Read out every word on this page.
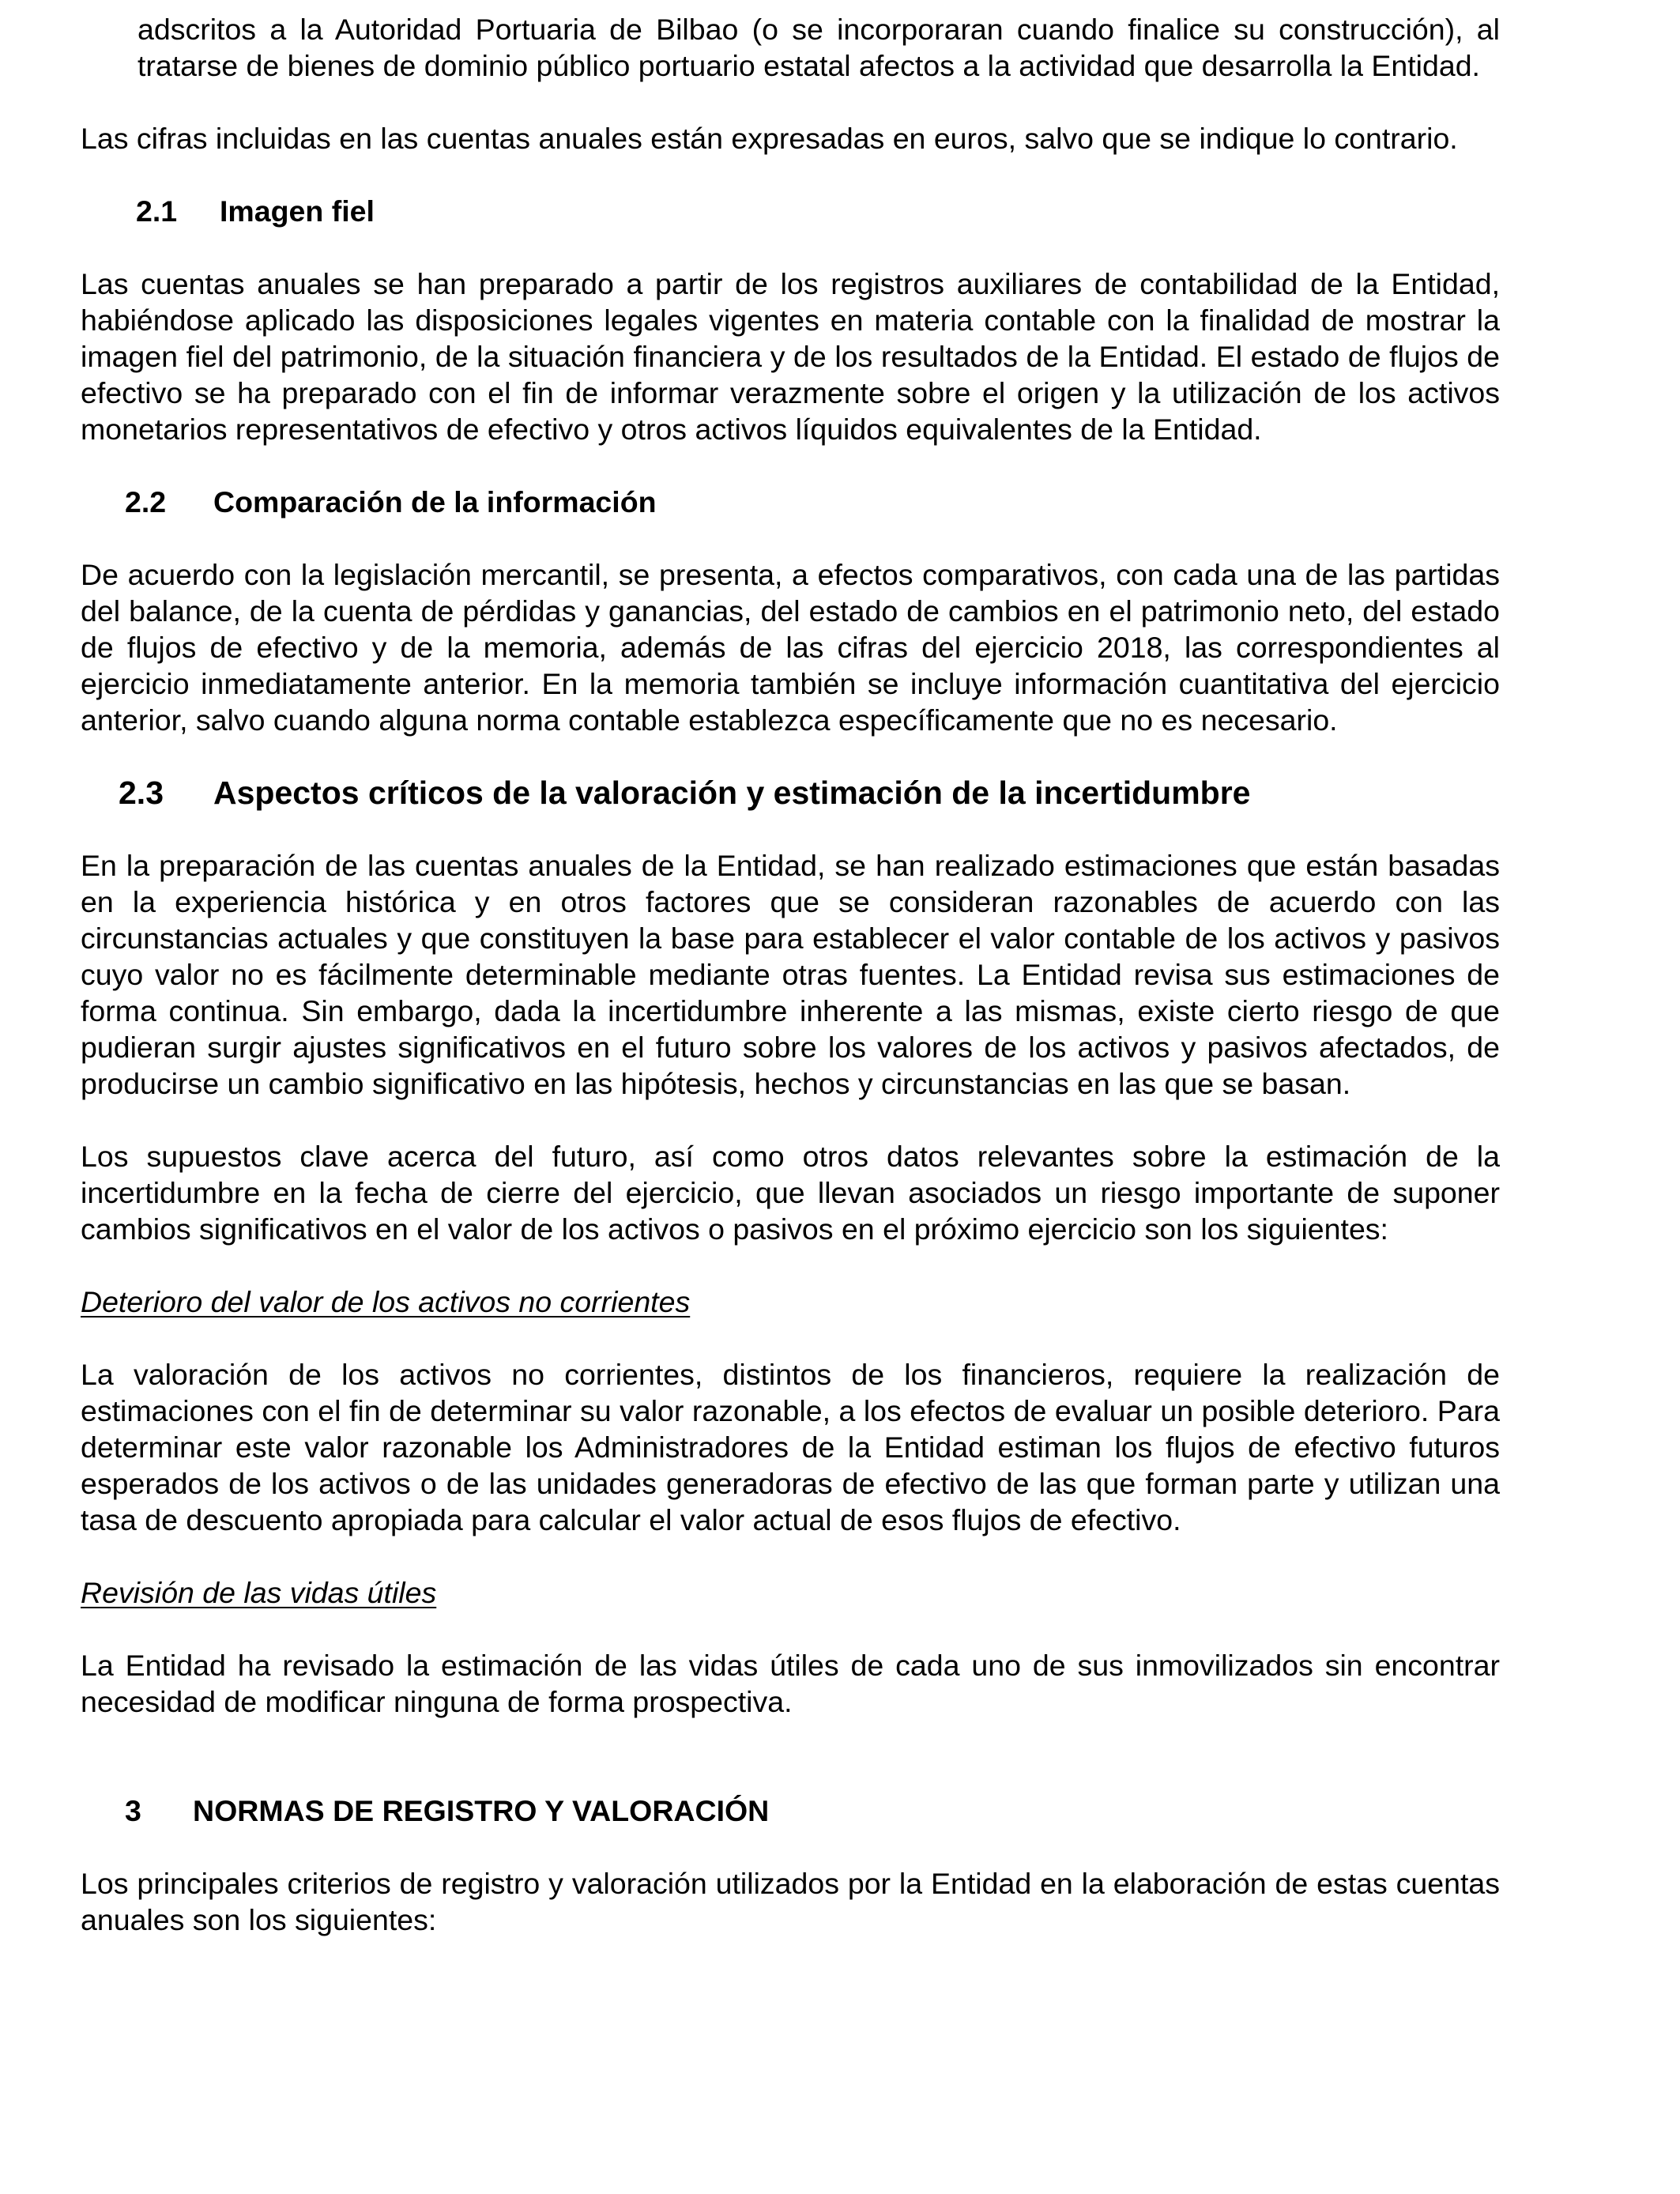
adscritos a la Autoridad Portuaria de Bilbao (o se incorporaran cuando finalice su construcción), al tratarse de bienes de dominio público portuario estatal afectos a la actividad que desarrolla la Entidad.

Las cifras incluidas en las cuentas anuales están expresadas en euros, salvo que se indique lo contrario.

2.1	Imagen fiel

Las cuentas anuales se han preparado a partir de los registros auxiliares de contabilidad de la Entidad, habiéndose aplicado las disposiciones legales vigentes en materia contable con la finalidad de mostrar la imagen fiel del patrimonio, de la situación financiera y de los resultados de la Entidad. El estado de flujos de efectivo se ha preparado con el fin de informar verazmente sobre el origen y la utilización de los activos monetarios representativos de efectivo y otros activos líquidos equivalentes de la Entidad.

2.2	Comparación de la información

De acuerdo con la legislación mercantil, se presenta, a efectos comparativos, con cada una de las partidas del balance, de la cuenta de pérdidas y ganancias, del estado de cambios en el patrimonio neto, del estado de flujos de efectivo y de la memoria, además de las cifras del ejercicio 2018, las correspondientes al ejercicio inmediatamente anterior. En la memoria también se incluye información cuantitativa del ejercicio anterior, salvo cuando alguna norma contable establezca específicamente que no es necesario.

2.3	Aspectos críticos de la valoración y estimación de la incertidumbre

En la preparación de las cuentas anuales de la Entidad, se han realizado estimaciones que están basadas en la experiencia histórica y en otros factores que se consideran razonables de acuerdo con las circunstancias actuales y que constituyen la base para establecer el valor contable de los activos y pasivos cuyo valor no es fácilmente determinable mediante otras fuentes. La Entidad revisa sus estimaciones de forma continua. Sin embargo, dada la incertidumbre inherente a las mismas, existe cierto riesgo de que pudieran surgir ajustes significativos en el futuro sobre los valores de los activos y pasivos afectados, de producirse un cambio significativo en las hipótesis, hechos y circunstancias en las que se basan.

Los supuestos clave acerca del futuro, así como otros datos relevantes sobre la estimación de la incertidumbre en la fecha de cierre del ejercicio, que llevan asociados un riesgo importante de suponer cambios significativos en el valor de los activos o pasivos en el próximo ejercicio son los siguientes:

Deterioro del valor de los activos no corrientes

La valoración de los activos no corrientes, distintos de los financieros, requiere la realización de estimaciones con el fin de determinar su valor razonable, a los efectos de evaluar un posible deterioro. Para determinar este valor razonable los Administradores de la Entidad estiman los flujos de efectivo futuros esperados de los activos o de las unidades generadoras de efectivo de las que forman parte y utilizan una tasa de descuento apropiada para calcular el valor actual de esos flujos de efectivo.

Revisión de las vidas útiles

La Entidad ha revisado la estimación de las vidas útiles de cada uno de sus inmovilizados sin encontrar necesidad de modificar ninguna de forma prospectiva.

3	NORMAS DE REGISTRO Y VALORACIÓN

Los principales criterios de registro y valoración utilizados por la Entidad en la elaboración de estas cuentas anuales son los siguientes:
